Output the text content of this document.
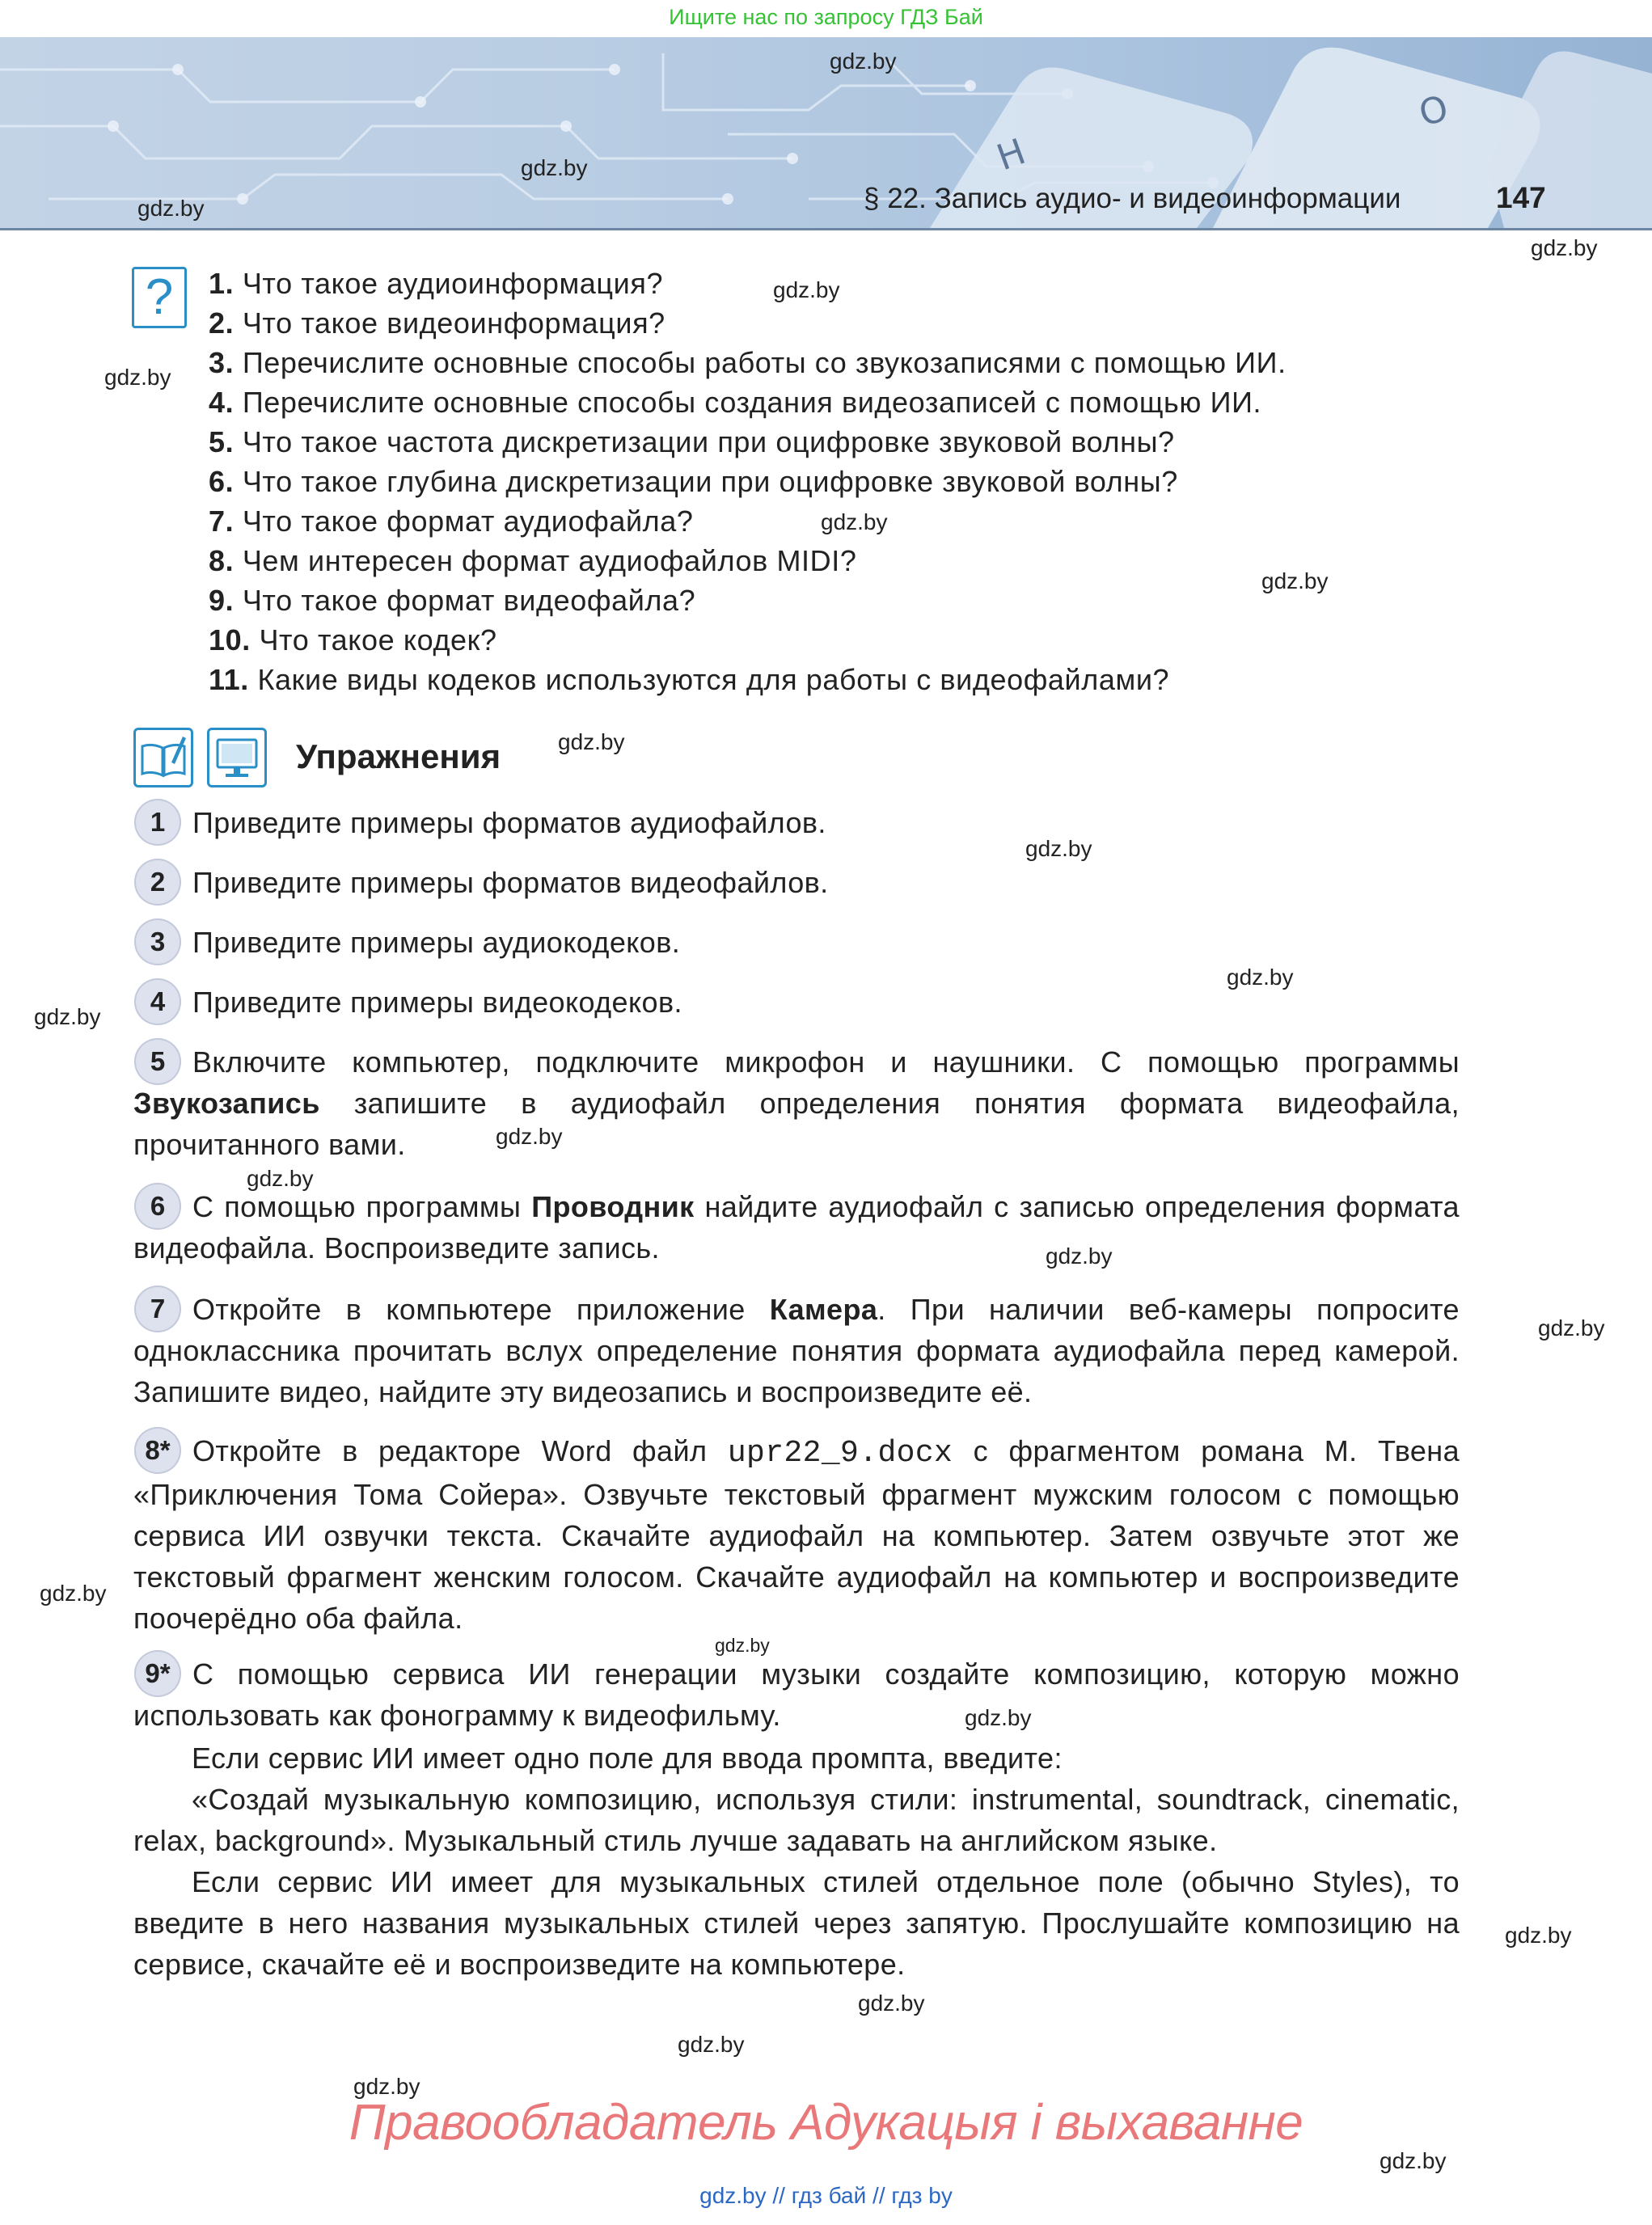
Ищите нас по запросу ГДЗ Бай
Н
О
§ 22. Запись аудио- и видеоинформации	147
gdz.by
gdz.by
gdz.by
gdz.by
gdz.by
gdz.by
gdz.by
gdz.by
gdz.by
gdz.by
gdz.by
gdz.by
gdz.by
gdz.by
gdz.by
gdz.by
gdz.by
gdz.by
gdz.by
gdz.by
gdz.by
gdz.by
gdz.by
gdz.by
?	1. Что такое аудиоинформация?
2. Что такое видеоинформация?
3. Перечислите основные способы работы со звукозаписями с помощью ИИ.
4. Перечислите основные способы создания видеозаписей с помощью ИИ.
5. Что такое частота дискретизации при оцифровке звуковой волны?
6. Что такое глубина дискретизации при оцифровке звуковой волны?
7. Что такое формат аудиофайла?
8. Чем интересен формат аудиофайлов MIDI?
9. Что такое формат видеофайла?
10. Что такое кодек?
11. Какие виды кодеков используются для работы с видеофайлами?
Упражнения
1
2
3
4
5
6
7
8*
9*
Приведите примеры форматов аудиофайлов.
Приведите примеры форматов видеофайлов.
Приведите примеры аудиокодеков.
Приведите примеры видеокодеков.
Включите компьютер, подключите микрофон и наушники. С помощью программы Звукозапись запишите в аудиофайл определения понятия формата видеофайла, прочитанного вами.
С помощью программы Проводник найдите аудиофайл с записью определения формата видеофайла. Воспроизведите запись.
Откройте в компьютере приложение Камера. При наличии веб-камеры попросите одноклассника прочитать вслух определение понятия формата аудиофайла перед камерой. Запишите видео, найдите эту видеозапись и воспроизведите её.
Откройте в редакторе Word файл upr22_9.docx с фрагментом романа М. Твена «Приключения Тома Сойера». Озвучьте текстовый фрагмент мужским голосом с помощью сервиса ИИ озвучки текста. Скачайте аудиофайл на компьютер. Затем озвучьте этот же текстовый фрагмент женским голосом. Скачайте аудиофайл на компьютер и воспроизведите поочерёдно оба файла.
С помощью сервиса ИИ генерации музыки создайте композицию, которую можно использовать как фонограмму к видеофильму.
Если сервис ИИ имеет одно поле для ввода промпта, введите:
«Создай музыкальную композицию, используя стили: instrumental, soundtrack, cinematic, relax, background». Музыкальный стиль лучше задавать на английском языке.
Если сервис ИИ имеет для музыкальных стилей отдельное поле (обычно Styles), то введите в него названия музыкальных стилей через запятую. Прослушайте композицию на сервисе, скачайте её и воспроизведите на компьютере.
Правообладатель Адукацыя і выхаванне
gdz.by // гдз бай // гдз by
